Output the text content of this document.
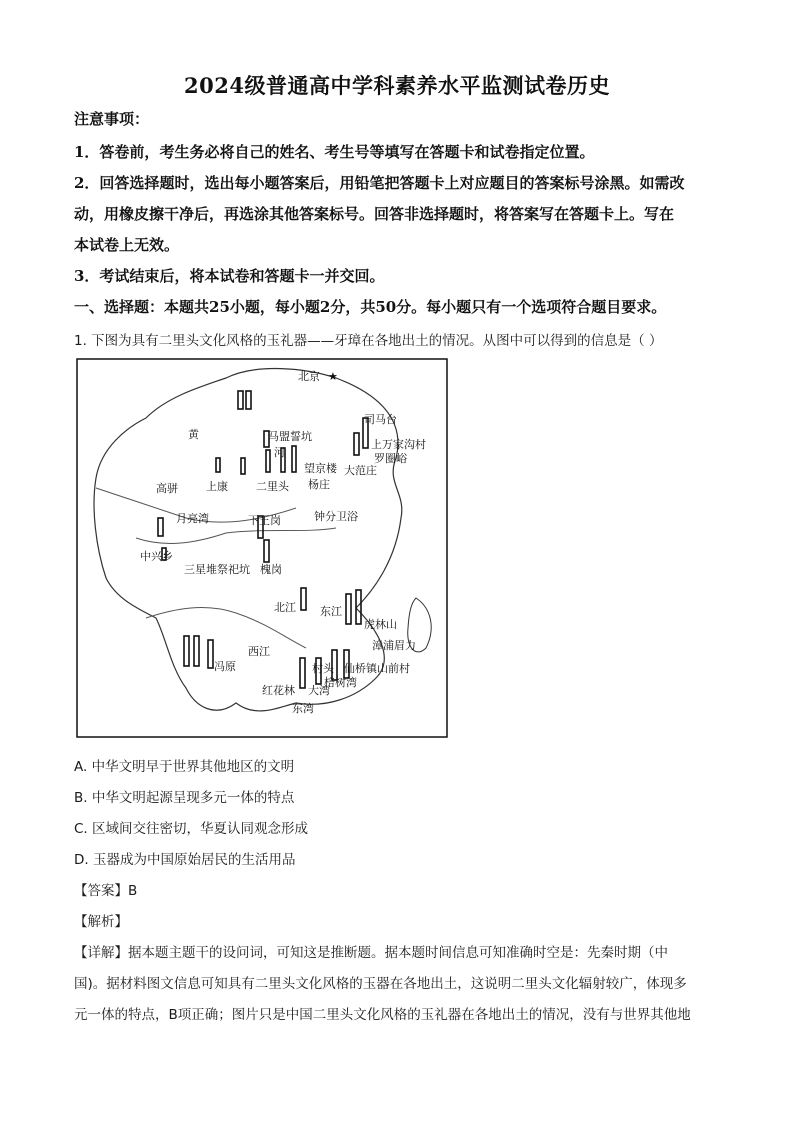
2024级普通高中学科素养水平监测试卷历史
注意事项：
1．答卷前，考生务必将自己的姓名、考生号等填写在答题卡和试卷指定位置。
2．回答选择题时，选出每小题答案后，用铅笔把答题卡上对应题目的答案标号涂黑。如需改
动，用橡皮擦干净后，再选涂其他答案标号。回答非选择题时，将答案写在答题卡上。写在
本试卷上无效。
3．考试结束后，将本试卷和答题卡一并交回。
一、选择题：本题共25小题，每小题2分，共50分。每小题只有一个选项符合题目要求。
1. 下图为具有二里头文化风格的玉礼器——牙璋在各地出土的情况。从图中可以得到的信息是（ ）
北京 ★
黄	马盟誓坑
河
司马台
上万家沟村
罗圈峪
望京楼 大范庄
杨庄
上康	二里头
高骈
月亮湾	下王岗	钟分卫浴
中兴乡
三星堆祭祀坑 槐岗
北江 东江
虎林山
漳浦眉力
西江
冯原	村头 仙桥镇山前村
红花林 大湾
棓树湾
东湾
A. 中华文明早于世界其他地区的文明
B. 中华文明起源呈现多元一体的特点
C. 区域间交往密切，华夏认同观念形成
D. 玉器成为中国原始居民的生活用品
【答案】B
【解析】
【详解】据本题主题干的设问词，可知这是推断题。据本题时间信息可知准确时空是：先秦时期（中
国)。据材料图文信息可知具有二里头文化风格的玉器在各地出土，这说明二里头文化辐射较广，体现多
元一体的特点，B项正确；图片只是中国二里头文化风格的玉礼器在各地出土的情况，没有与世界其他地
